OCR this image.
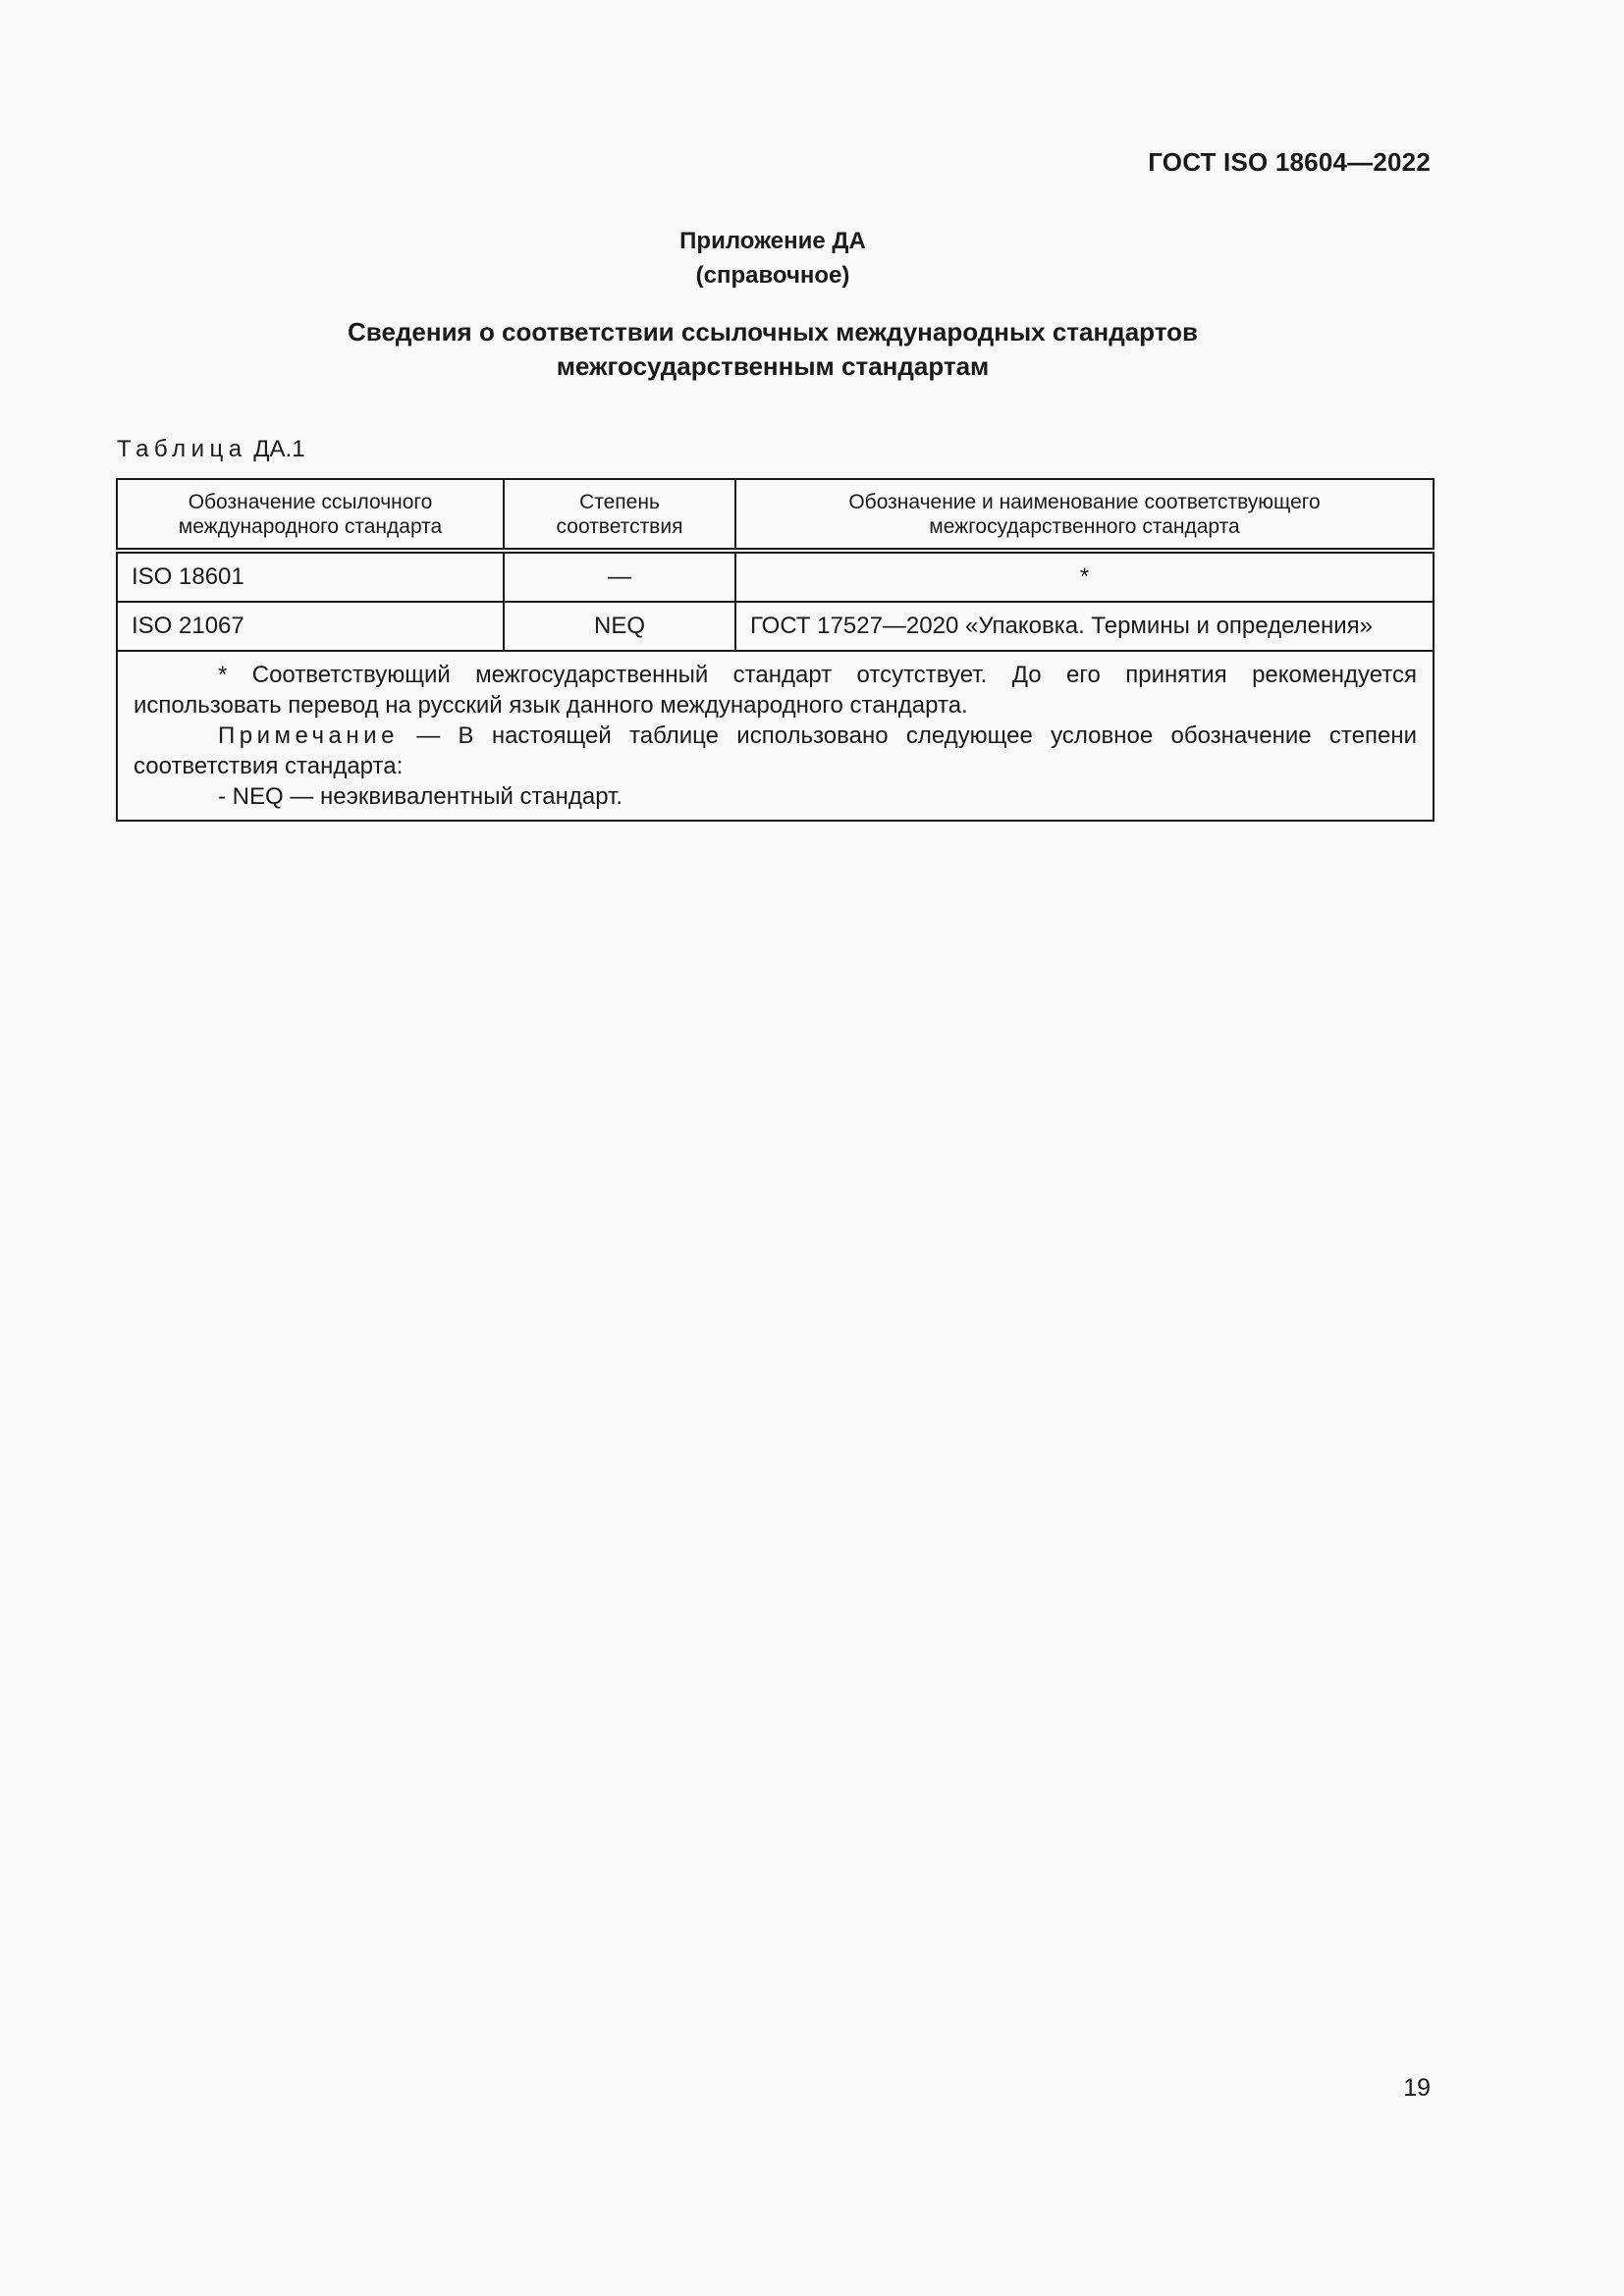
ГОСТ ISO 18604—2022
Приложение ДА
(справочное)
Сведения о соответствии ссылочных международных стандартов
межгосударственным стандартам
Таблица ДА.1
Обозначение ссылочного международного стандарта	Степень соответствия	Обозначение и наименование соответствующего межгосударственного стандарта
ISO 18601	—	*
ISO 21067	NEQ	ГОСТ 17527—2020 «Упаковка. Термины и определения»

* Соответствующий межгосударственный стандарт отсутствует. До его принятия рекомендуется использовать перевод на русский язык данного международного стандарта.

Примечание — В настоящей таблице использовано следующее условное обозначение степени соответствия стандарта:

- NEQ — неэквивалентный стандарт.		

19
